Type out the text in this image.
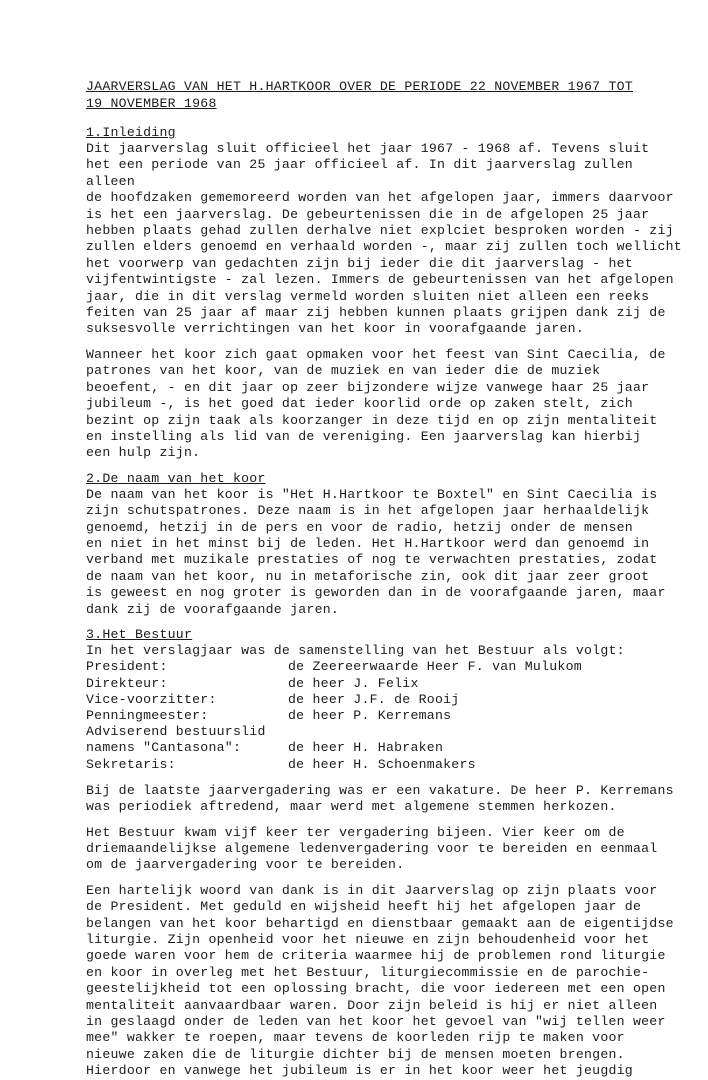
JAARVERSLAG VAN HET H.HARTKOOR OVER DE PERIODE 22 NOVEMBER 1967 TOT
19 NOVEMBER 1968
1.Inleiding

Dit jaarverslag sluit officieel het jaar 1967 - 1968 af. Tevens sluit
het een periode van 25 jaar officieel af. In dit jaarverslag zullen alleen
de hoofdzaken gememoreerd worden van het afgelopen jaar, immers daarvoor
is het een jaarverslag. De gebeurtenissen die in de afgelopen 25 jaar
hebben plaats gehad zullen derhalve niet explciet besproken worden - zij
zullen elders genoemd en verhaald worden -, maar zij zullen toch wellicht
het voorwerp van gedachten zijn bij ieder die dit jaarverslag - het
vijfentwintigste - zal lezen. Immers de gebeurtenissen van het afgelopen
jaar, die in dit verslag vermeld worden sluiten niet alleen een reeks
feiten van 25 jaar af maar zij hebben kunnen plaats grijpen dank zij de
suksesvolle verrichtingen van het koor in voorafgaande jaren.

Wanneer het koor zich gaat opmaken voor het feest van Sint Caecilia, de
patrones van het koor, van de muziek en van ieder die de muziek
beoefent, - en dit jaar op zeer bijzondere wijze vanwege haar 25 jaar
jubileum -, is het goed dat ieder koorlid orde op zaken stelt, zich
bezint op zijn taak als koorzanger in deze tijd en op zijn mentaliteit
en instelling als lid van de vereniging. Een jaarverslag kan hierbij
een hulp zijn.

2.De naam van het koor

De naam van het koor is "Het H.Hartkoor te Boxtel" en Sint Caecilia is
zijn schutspatrones. Deze naam is in het afgelopen jaar herhaaldelijk
genoemd, hetzij in de pers en voor de radio, hetzij onder de mensen
en niet in het minst bij de leden. Het H.Hartkoor werd dan genoemd in
verband met muzikale prestaties of nog te verwachten prestaties, zodat
de naam van het koor, nu in metaforische zin, ook dit jaar zeer groot
is geweest en nog groter is geworden dan in de voorafgaande jaren, maar
dank zij de voorafgaande jaren.

3.Het Bestuur

In het verslagjaar was de samenstelling van het Bestuur als volgt:

President:	de Zeereerwaarde Heer F. van Mulukom
Direkteur:	de heer J. Felix
Vice-voorzitter:	de heer J.F. de Rooij
Penningmeester:	de heer P. Kerremans
Adviserend bestuurslid	
namens "Cantasona":	de heer H. Habraken
Sekretaris:	de heer H. Schoenmakers

Bij de laatste jaarvergadering was er een vakature. De heer P. Kerremans
was periodiek aftredend, maar werd met algemene stemmen herkozen.

Het Bestuur kwam vijf keer ter vergadering bijeen. Vier keer om de
driemaandelijkse algemene ledenvergadering voor te bereiden en eenmaal
om de jaarvergadering voor te bereiden.

Een hartelijk woord van dank is in dit Jaarverslag op zijn plaats voor
de President. Met geduld en wijsheid heeft hij het afgelopen jaar de
belangen van het koor behartigd en dienstbaar gemaakt aan de eigentijdse
liturgie. Zijn openheid voor het nieuwe en zijn behoudenheid voor het
goede waren voor hem de criteria waarmee hij de problemen rond liturgie
en koor in overleg met het Bestuur, liturgiecommissie en de parochie-
geestelijkheid tot een oplossing bracht, die voor iedereen met een open
mentaliteit aanvaardbaar waren. Door zijn beleid is hij er niet alleen
in geslaagd onder de leden van het koor het gevoel van "wij tellen weer
mee" wakker te roepen, maar tevens de koorleden rijp te maken voor
nieuwe zaken die de liturgie dichter bij de mensen moeten brengen.
Hierdoor en vanwege het jubileum is er in het koor weer het jeugdig
